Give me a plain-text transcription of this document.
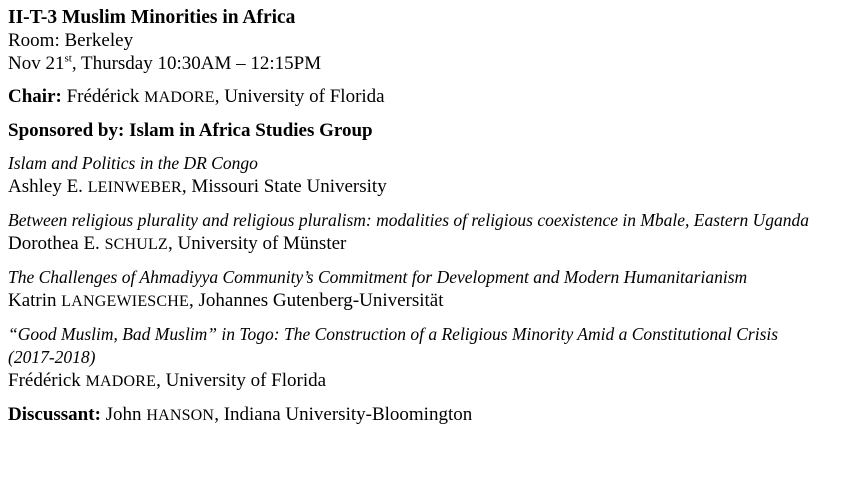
II-T-3 Muslim Minorities in Africa
Room: Berkeley
Nov 21st, Thursday 10:30AM – 12:15PM
Chair: Frédérick MADORE, University of Florida
Sponsored by: Islam in Africa Studies Group
Islam and Politics in the DR Congo
Ashley E. LEINWEBER, Missouri State University
Between religious plurality and religious pluralism: modalities of religious coexistence in Mbale, Eastern Uganda
Dorothea E. SCHULZ, University of Münster
The Challenges of Ahmadiyya Community’s Commitment for Development and Modern Humanitarianism
Katrin LANGEWIESCHE, Johannes Gutenberg-Universität
“Good Muslim, Bad Muslim” in Togo: The Construction of a Religious Minority Amid a Constitutional Crisis
(2017-2018)
Frédérick MADORE, University of Florida
Discussant: John HANSON, Indiana University-Bloomington
